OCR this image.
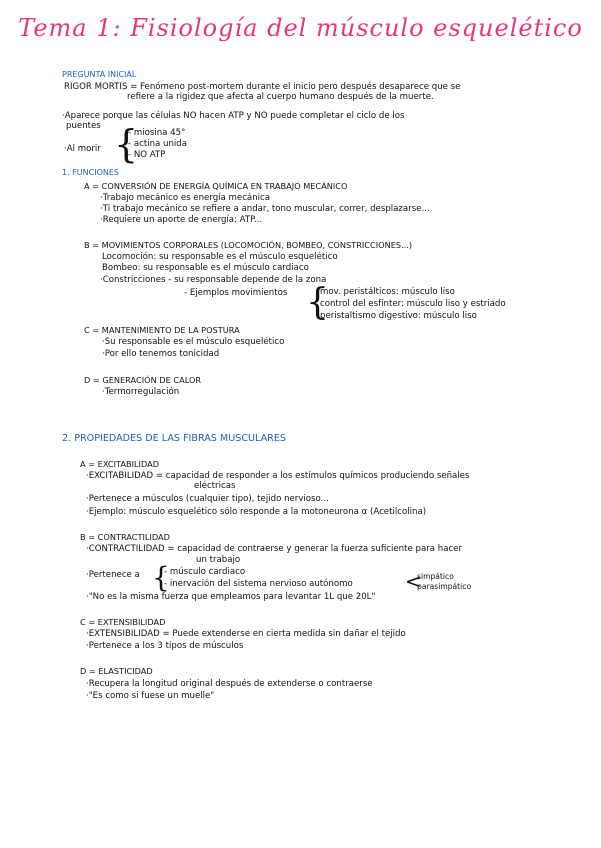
Tema 1: Fisiología del músculo esquelético
PREGUNTA INICIAL
RIGOR MORTIS = Fenómeno post-mortem durante el inicio pero después desaparece que se
refiere a la rigidez que afecta al cuerpo humano después de la muerte.
·Aparece porque las células NO hacen ATP y NO puede completar el ciclo de los
puentes
·Al morir {
- miosina 45°
- actina unida
- NO ATP
1. FUNCIONES
A = CONVERSIÓN DE ENERGÍA QUÍMICA EN TRABAJO MECÁNICO
·Trabajo mecánico es energía mecánica
·Ti trabajo mecánico se refiere a andar, tono muscular, correr, desplazarse...
·Requiere un aporte de energía: ATP...
B = MOVIMIENTOS CORPORALES (LOCOMOCIÓN, BOMBEO, CONSTRICCIONES...)
Locomoción: su responsable es el músculo esquelético
Bombeo: su responsable es el músculo cardiaco
·Constricciones - su responsable depende de la zona
- Ejemplos movimientos {
mov. peristálticos: músculo liso
control del esfínter: músculo liso y estriado
peristaltismo digestivo: músculo liso
C = MANTENIMIENTO DE LA POSTURA
·Su responsable es el músculo esquelético
·Por ello tenemos tonicidad
D = GENERACIÓN DE CALOR
·Termorregulación
2. PROPIEDADES DE LAS FIBRAS MUSCULARES
A = EXCITABILIDAD
·EXCITABILIDAD = capacidad de responder a los estímulos químicos produciendo señales
eléctricas
·Pertenece a músculos (cualquier tipo), tejido nervioso...
·Ejemplo: músculo esquelético sólo responde a la motoneurona α (Acetilcolina)
B = CONTRACTILIDAD
·CONTRACTILIDAD = capacidad de contraerse y generar la fuerza suficiente para hacer
un trabajo
·Pertenece a {
- músculo cardiaco
- inervación del sistema nervioso autónomo	<
simpático
parasimpático
·"No es la misma fuerza que empleamos para levantar 1L que 20L"
C = EXTENSIBILIDAD
·EXTENSIBILIDAD = Puede extenderse en cierta medida sin dañar el tejido
·Pertenece a los 3 tipos de músculos
D = ELASTICIDAD
·Recupera la longitud original después de extenderse o contraerse
·"Es como si fuese un muelle"
